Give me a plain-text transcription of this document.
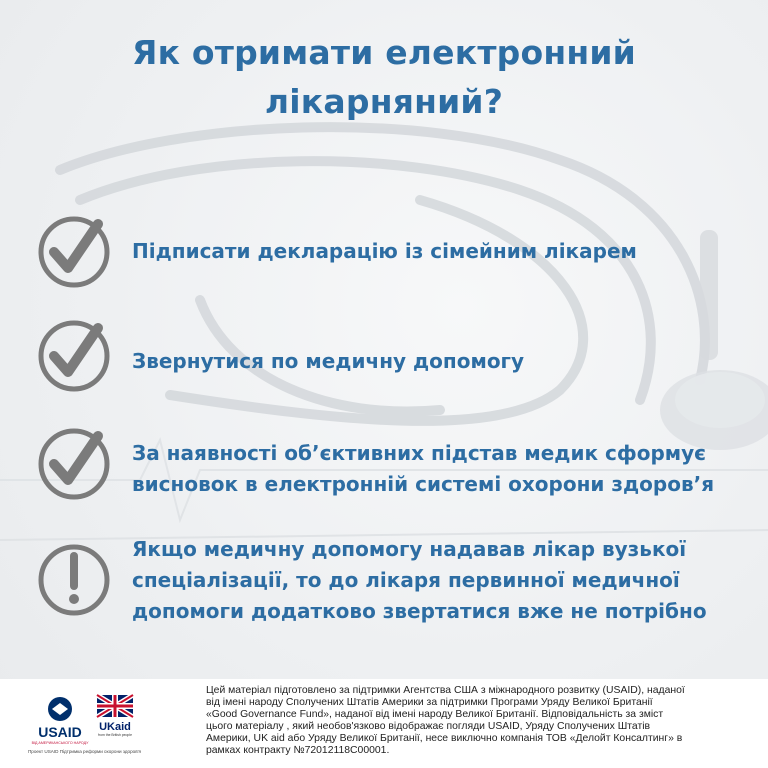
Як отримати електронний
лікарняний?
Підписати декларацію із сімейним лікарем
Звернутися по медичну допомогу
За наявності об’єктивних підстав медик сформує
висновок в електронній системі охорони здоров’я
Якщо медичну допомогу надавав лікар вузької
спеціалізації, то до лікаря первинної медичної
допомоги додатково звертатися вже не потрібно
USAID
ВІД АМЕРИКАНСЬКОГО НАРОДУ
UKaid
from the British people
Проект USAID Підтримка реформи охорони здоров'я
Цей матеріал підготовлено за підтримки Агентства США з міжнародного розвитку (USAID), наданої
від імені народу Сполучених Штатів Америки за підтримки Програми Уряду Великої Британії
«Good Governance Fund», наданої від імені народу Великої Британії. Відповідальність за зміст
цього матеріалу , який необов'язково відображає погляди USAID, Уряду Сполучених Штатів
Америки, UK aid або Уряду Великої Британії, несе виключно компанія ТОВ «Делойт Консалтинг» в
рамках контракту №72012118С00001.
